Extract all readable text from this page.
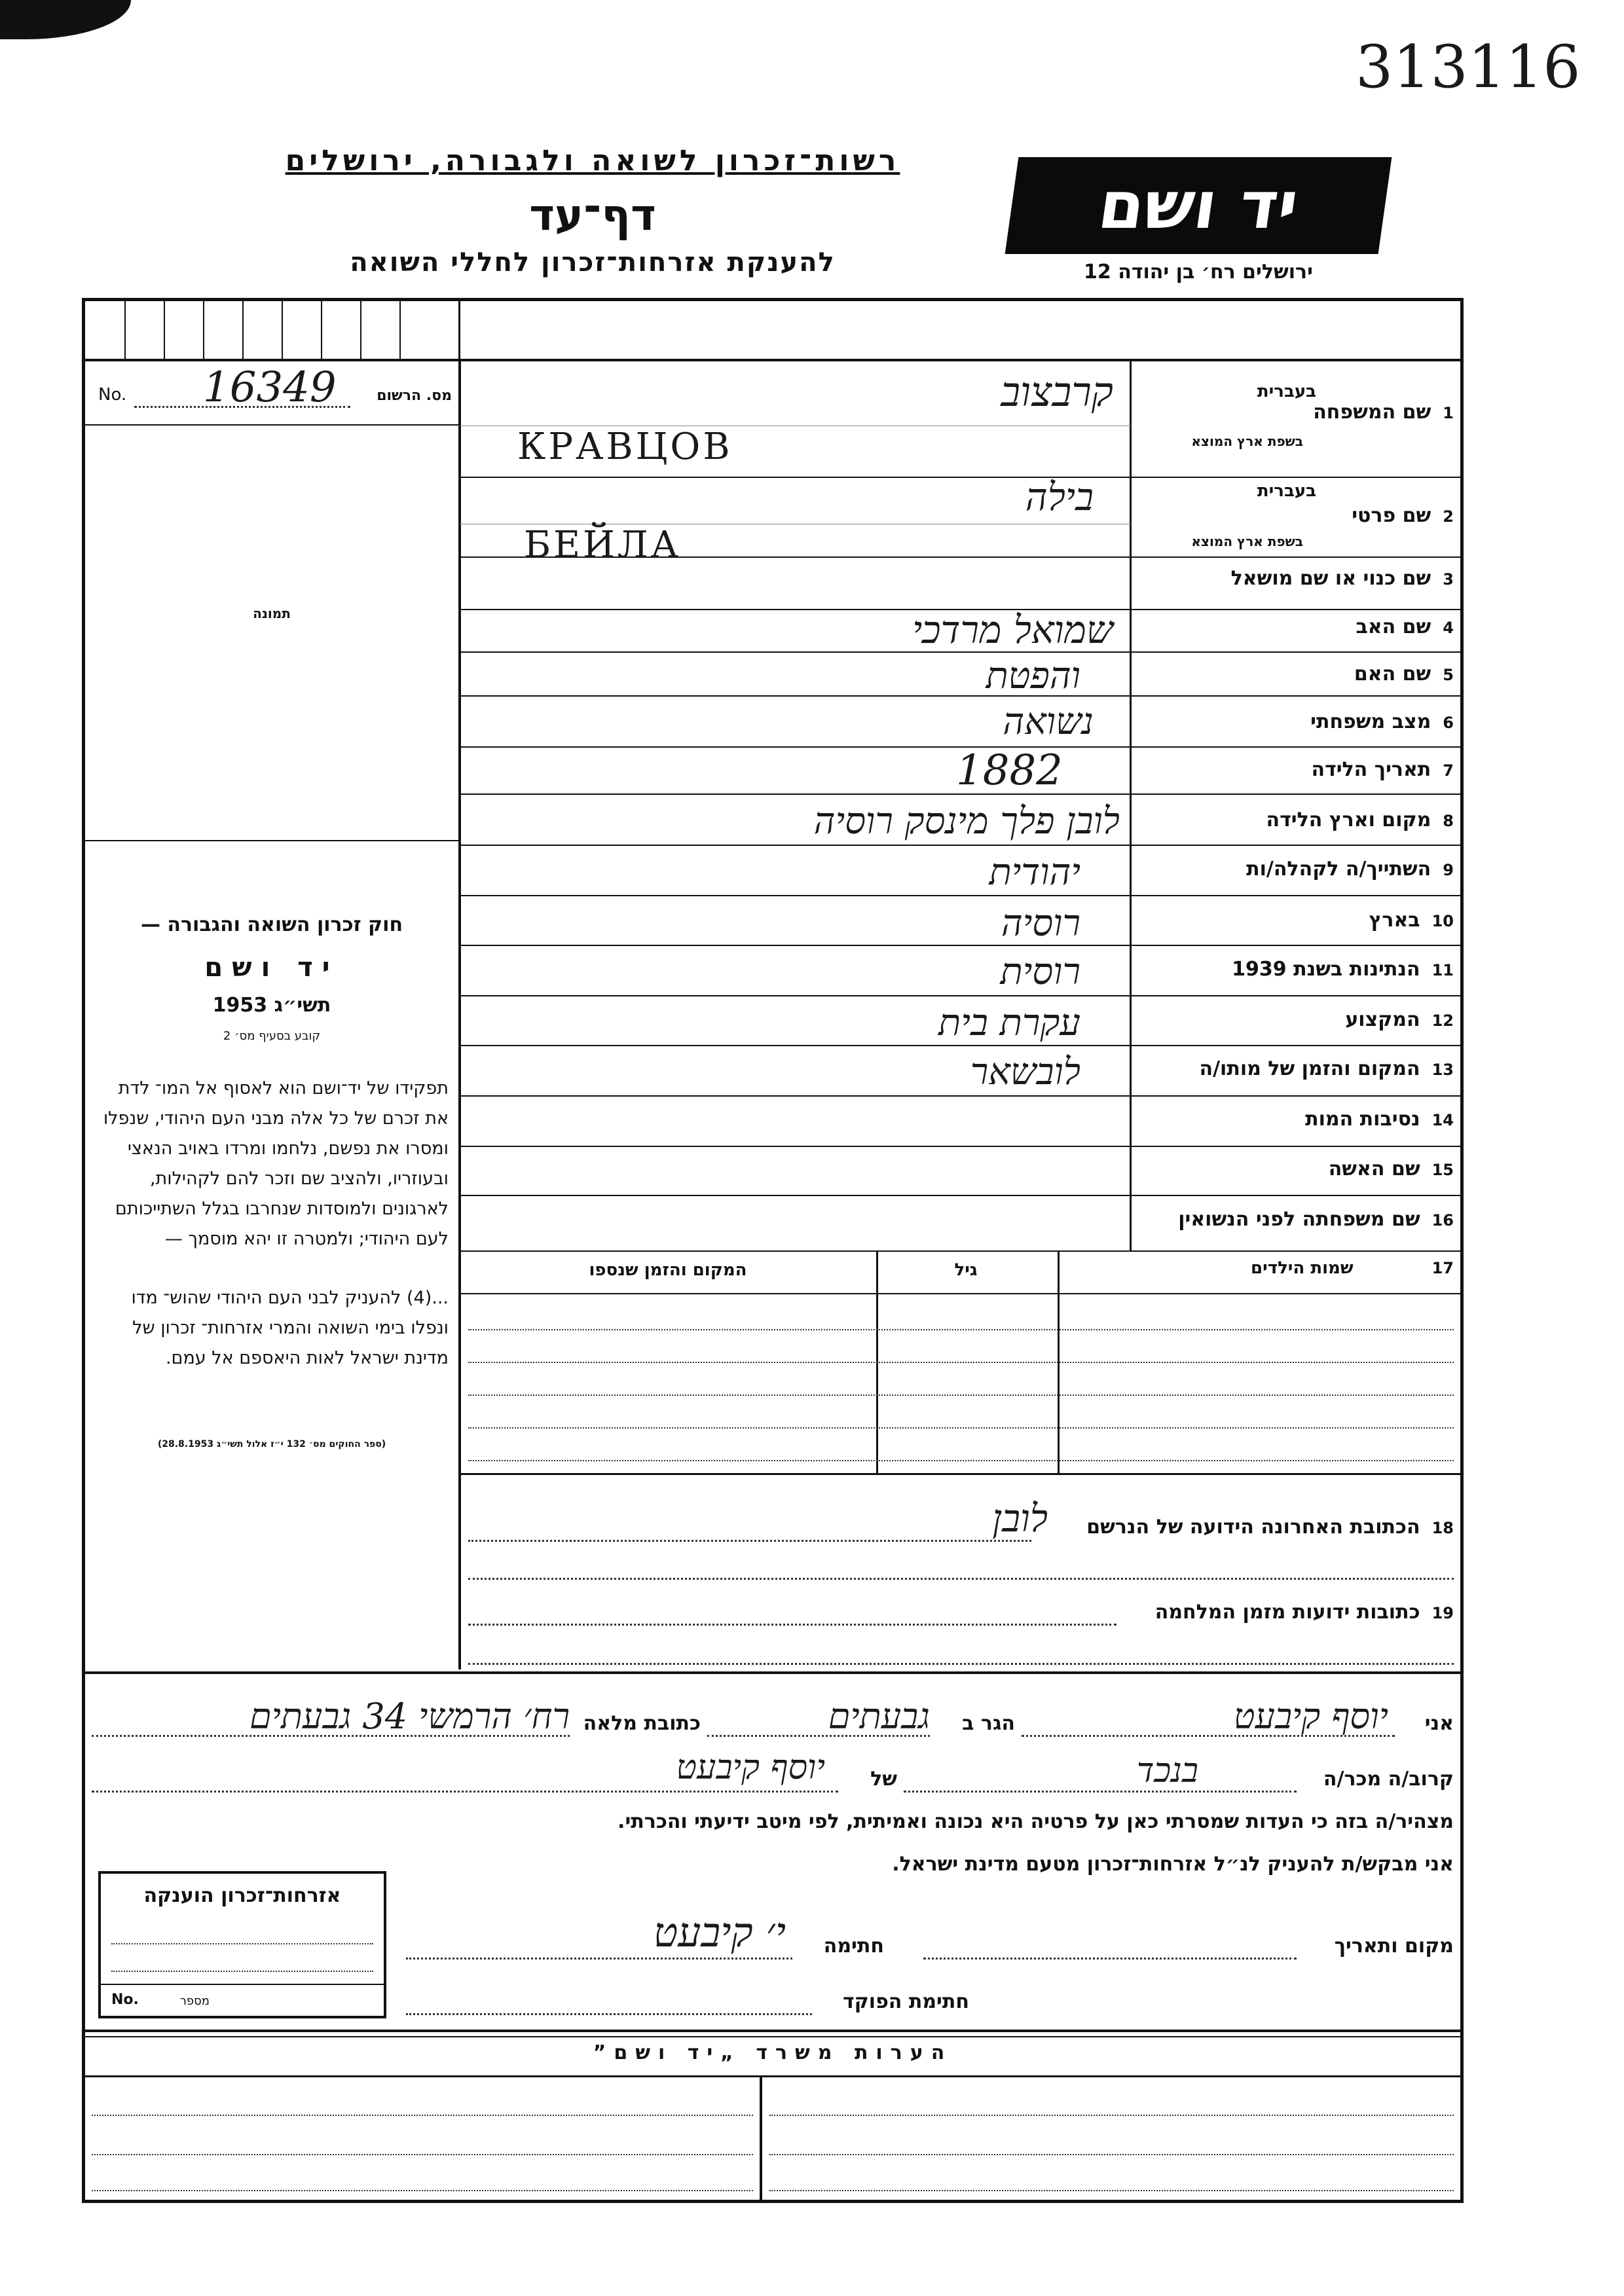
313116
רשות־זכרון לשואה ולגבורה, ירושלים
דף־עד
להענקת אזרחות־זכרון לחללי השואה
יד ושם
ירושלים רח׳ בן יהודה 12
No. 16349	מס. הרשום
תמונה
חוק זכרון השואה והגבורה —
יד ושם
תשי״ג 1953
קובע בסעיף מס׳ 2
תפקידו של יד־ושם הוא לאסוף אל המו־ לדת את זכרם של כל אלה מבני העם היהודי, שנפלו ומסרו את נפשם, נלחמו ומרדו באויב הנאצי ובעוזריו, ולהציב שם וזכר להם לקהילות, לארגונים ולמוסדות שנחרבו בגלל השתייכותם לעם היהודי; ולמטרה זו יהא מוסמך —
...(4) להעניק לבני העם היהודי שהוש־ מדו ונפלו בימי השואה והמרי אזרחות־ זכרון של מדינת ישראל לאות היאספם אל עמם.
(ספר החוקים מס׳ 132 י״ז אלול תשי״ג 28.8.1953)
1שם המשפחה
בעברית
בשפת ארץ המוצא
קרבצוב
КРАВЦОВ
2שם פרטי
בעברית
בשפת ארץ המוצא
בילה
БЕЙЛА
3שם כנוי או שם מושאל
4שם האב
5שם האם
6מצב משפחתי
7תאריך הלידה
8מקום וארץ הלידה
9השתייך/ה לקהלה/ות
10בארץ
11הנתינות בשנת 1939
12המקצוע
13המקום והזמן של מותו/ה
14נסיבות המות
15שם האשה
16שם משפחתה לפני הנשואין
שמואל מרדכי
והפטת
נשואה
1882
לובן פלך מינסק רוסיה
יהודית
רוסיה
רוסית
עקרת בית
לובשאר
17שמות הילדים
גיל
המקום והזמן שנספו
18הכתובת האחרונה הידועה של הנרשם
לובן
19כתובות ידועות מזמן המלחמה
אני
יוסף קיבעט
הגר ב
גבעתים
כתובת מלאה
רח׳ הרמשי 34 גבעתים
קרוב/ה מכר/ה
בנכד
של
יוסף קיבעט
מצהיר/ה בזה כי העדות שמסרתי כאן על פרטיה היא נכונה ואמיתית, לפי מיטב ידיעתי והכרתי.
אני מבקש/ת להעניק לנ״ל אזרחות־זכרון מטעם מדינת ישראל.
מקום ותאריך
חתימה
י׳ קיבעט
חתימת הפוקד
אזרחות־זכרון הוענקה
No.	מספר
הערות משרד „יד ושם”
